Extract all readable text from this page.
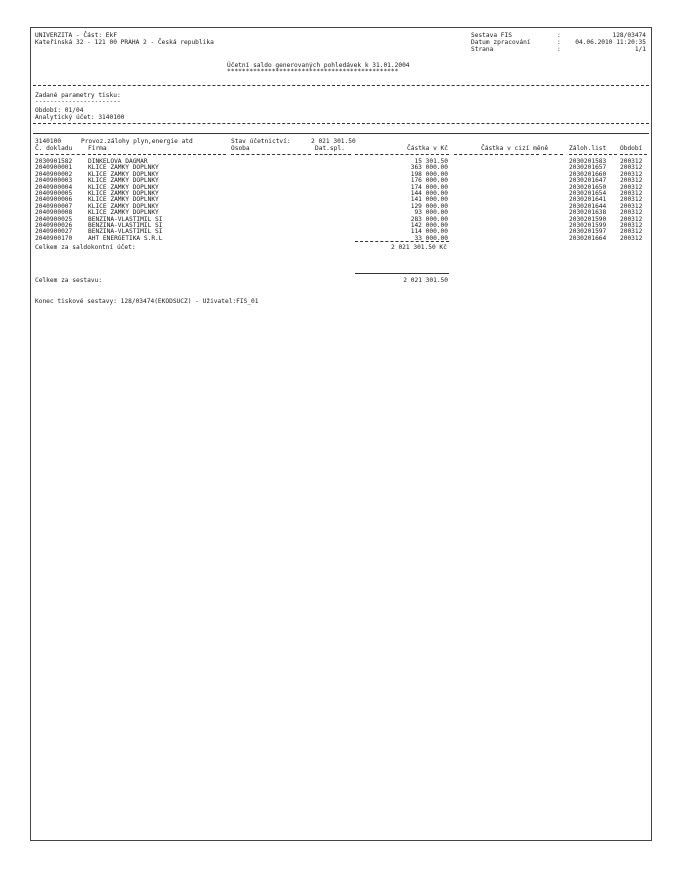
UNIVERZITA - Část: EkF
Kateřinská 32 - 121 00 PRAHA 2 - Česká republika
Sestava FIS	:	128/03474
Datum zpracování	:	04.06.2010 11:20:35
Strana	:	1/1
Účetní saldo generovaných pohledávek k 31.01.2004
**********************************************
Zadané parametry tisku:
-----------------------
Období: 01/04
Analytický účet: 3140100
3140100	Provoz.zálohy plyn,energie atd	Stav účetnictví:	2 021 301.50
Č. dokladu	Firma	Osoba	Dat.spl.	Částka v Kč	Částka v cizí měně	Záloh.list Období
2030901582	DINKELOVA DAGMAR	15 301.50	2030201583 200312
2040900001	KLICE ZAMKY DOPLNKY	363 000.00	2030201657 200312
2040900002	KLICE ZAMKY DOPLNKY	198 000.00	2030201660 200312
2040900003	KLICE ZAMKY DOPLNKY	176 000.00	2030201647 200312
2040900004	KLICE ZAMKY DOPLNKY	174 000.00	2030201650 200312
2040900005	KLICE ZAMKY DOPLNKY	144 000.00	2030201654 200312
2040900006	KLICE ZAMKY DOPLNKY	141 000.00	2030201641 200312
2040900007	KLICE ZAMKY DOPLNKY	129 000.00	2030201644 200312
2040900008	KLICE ZAMKY DOPLNKY	93 000.00	2030201638 200312
2040900025	BENZINA-VLASTIMIL SI	283 000.00	2030201590 200312
2040900026	BENZINA-VLASTIMIL SI	142 000.00	2030201599 200312
2040900027	BENZINA-VLASTIMIL SI	114 000.00	2030201597 200312
2040900170	AHT ENERGETIKA S.R.L	33 000.00	2030201664 200312
Celkem za saldokontní účet:	2 021 301.50 Kč
Celkem za sestavu:	2 021 301.50
Konec tiskové sestavy: 128/03474(EKODSUCZ) - Uživatel:FIS_01
